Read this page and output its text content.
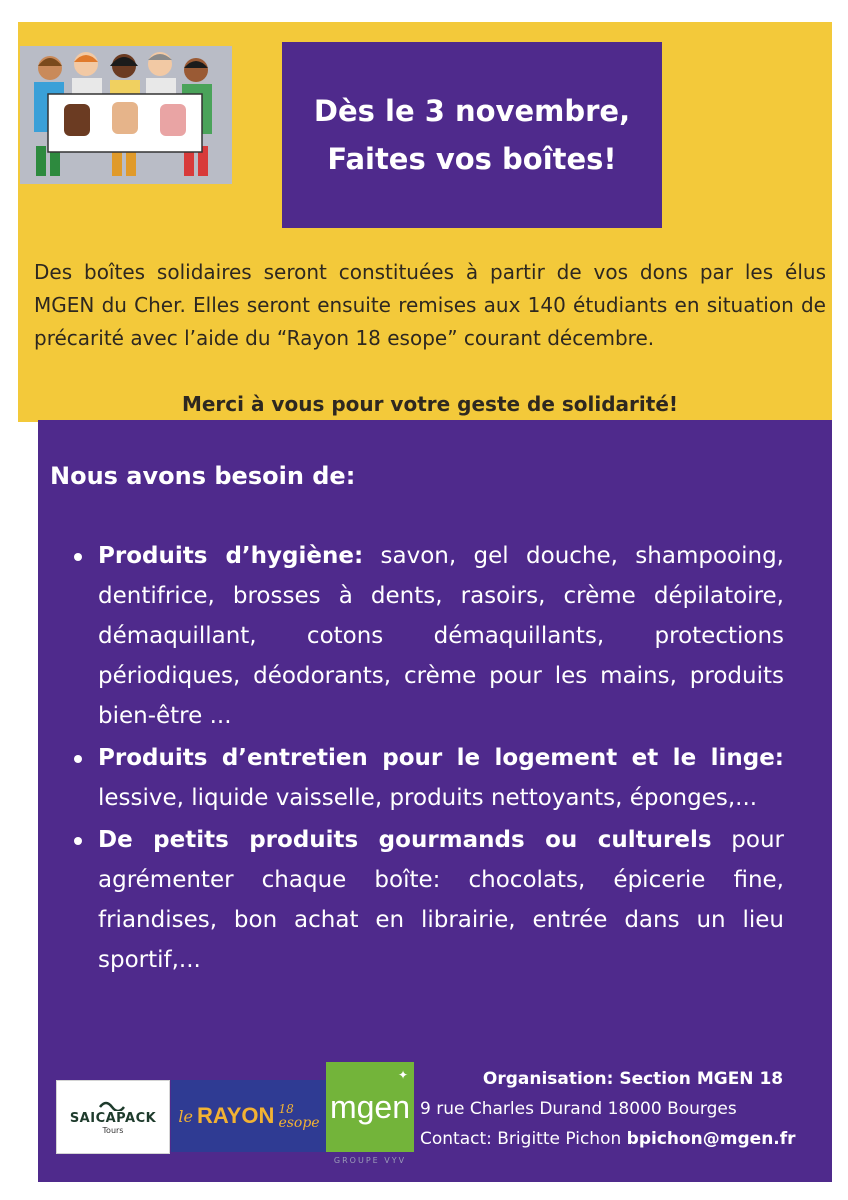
Dès le 3 novembre,
Faites vos boîtes!
Des boîtes solidaires seront constituées à partir de vos dons par les élus MGEN du Cher. Elles seront ensuite remises aux 140 étudiants en situation de précarité avec l’aide du “Rayon 18 esope” courant décembre.
Merci à vous pour votre geste de solidarité!
Nous avons besoin de:
Produits d’hygiène: savon, gel douche, shampooing, dentifrice, brosses à dents, rasoirs, crème dépilatoire, démaquillant, cotons démaquillants, protections périodiques, déodorants, crème pour les mains, produits bien-être ...
Produits d’entretien pour le logement et le linge: lessive, liquide vaisselle, produits nettoyants, éponges,...
De petits produits gourmands ou culturels pour agrémenter chaque boîte: chocolats, épicerie fine, friandises, bon achat en librairie, entrée dans un lieu sportif,...
SAICAPACK
Tours
le RAYON 18
esope mgen
✦
GROUPE VYV
Organisation: Section MGEN 18
9 rue Charles Durand 18000 Bourges
Contact: Brigitte Pichon bpichon@mgen.fr
